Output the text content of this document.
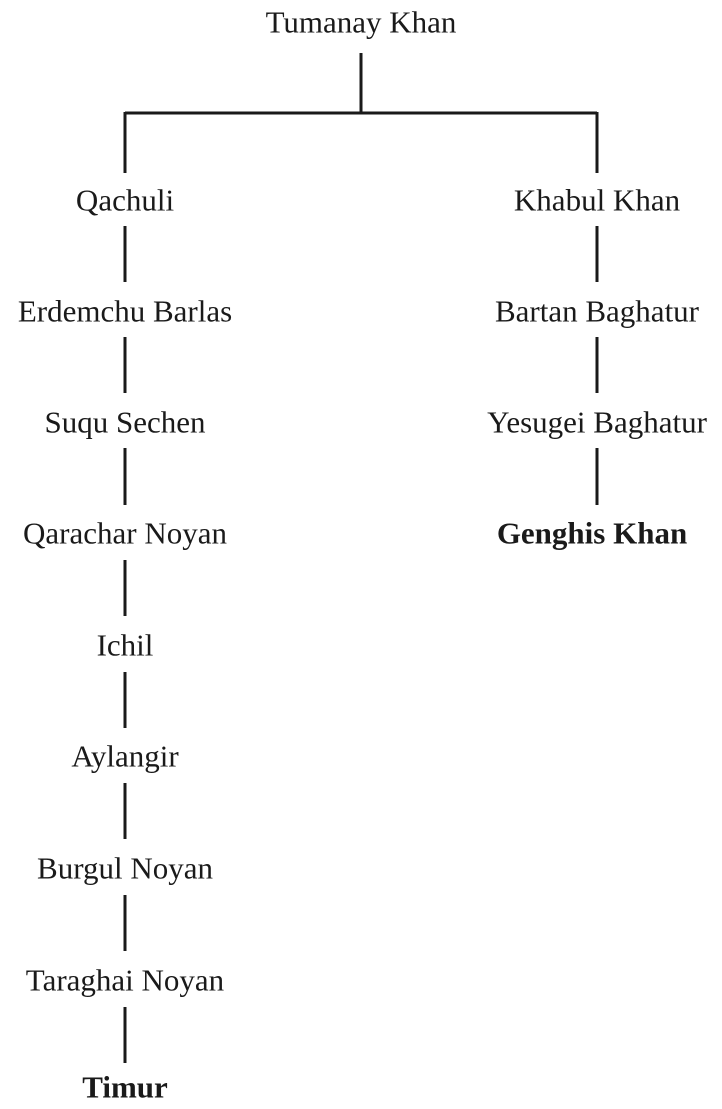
Tumanay Khan
Qachuli
Erdemchu Barlas
Suqu Sechen
Qarachar Noyan
Ichil
Aylangir
Burgul Noyan
Taraghai Noyan
Timur
Khabul Khan
Bartan Baghatur
Yesugei Baghatur
Genghis Khan
